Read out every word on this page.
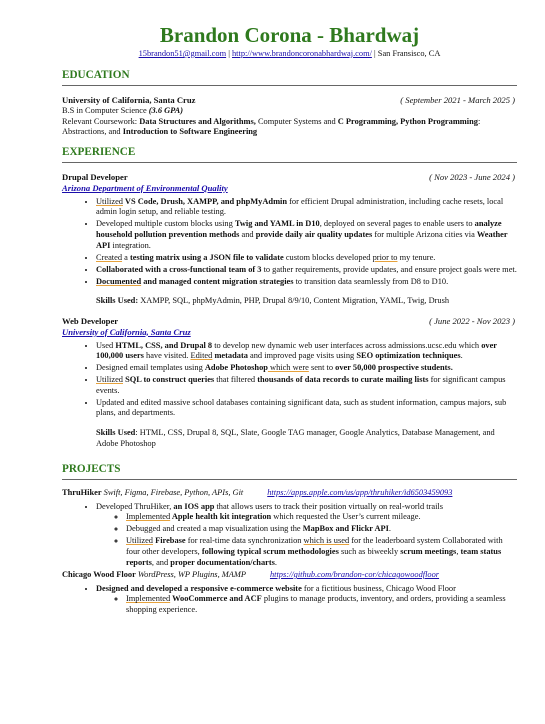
Brandon Corona - Bhardwaj
15brandon51@gmail.com | http://www.brandoncoronabhardwaj.com/ | San Fransisco, CA
EDUCATION
University of California, Santa Cruz	( September 2021 - March 2025 )
B.S in Computer Science (3.6 GPA)
Relevant Coursework: Data Structures and Algorithms, Computer Systems and C Programming, Python Programming: Abstractions, and Introduction to Software Engineering
EXPERIENCE
Drupal Developer	( Nov 2023 - June 2024 )
Arizona Department of Environmental Quality
• Utilized VS Code, Drush, XAMPP, and phpMyAdmin for efficient Drupal administration, including cache resets, local admin login setup, and reliable testing.
• Developed multiple custom blocks using Twig and YAML in D10, deployed on several pages to enable users to analyze household pollution prevention methods and provide daily air quality updates for multiple Arizona cities via Weather API integration.
• Created a testing matrix using a JSON file to validate custom blocks developed prior to my tenure.
• Collaborated with a cross-functional team of 3 to gather requirements, provide updates, and ensure project goals were met.
• Documented and managed content migration strategies to transition data seamlessly from D8 to D10.
Skills Used: XAMPP, SQL, phpMyAdmin, PHP, Drupal 8/9/10, Content Migration, YAML, Twig, Drush
Web Developer	( June 2022 - Nov 2023 )
University of California, Santa Cruz
• Used HTML, CSS, and Drupal 8 to develop new dynamic web user interfaces across admissions.ucsc.edu which over 100,000 users have visited. Edited metadata and improved page visits using SEO optimization techniques.
• Designed email templates using Adobe Photoshop which were sent to over 50,000 prospective students.
• Utilized SQL to construct queries that filtered thousands of data records to curate mailing lists for significant campus events.
• Updated and edited massive school databases containing significant data, such as student information, campus majors, sub plans, and departments.
Skills Used: HTML, CSS, Drupal 8, SQL, Slate, Google TAG manager, Google Analytics, Database Management, and Adobe Photoshop
PROJECTS
ThruHiker Swift, Figma, Firebase, Python, APIs, Git	https://apps.apple.com/us/app/thruhiker/id6503459093
• Developed ThruHiker, an IOS app that allows users to track their position virtually on real-world trails
◦ Implemented Apple health kit integration which requested the User’s current mileage.
◦ Debugged and created a map visualization using the MapBox and Flickr API.
◦ Utilized Firebase for real-time data synchronization which is used for the leaderboard system Collaborated with four other developers, following typical scrum methodologies such as biweekly scrum meetings, team status reports, and proper documentation/charts.
Chicago Wood Floor WordPress, WP Plugins, MAMP	https://github.com/brandon-cor/chicagowoodfloor
• Designed and developed a responsive e-commerce website for a fictitious business, Chicago Wood Floor
◦ Implemented WooCommerce and ACF plugins to manage products, inventory, and orders, providing a seamless shopping experience.
